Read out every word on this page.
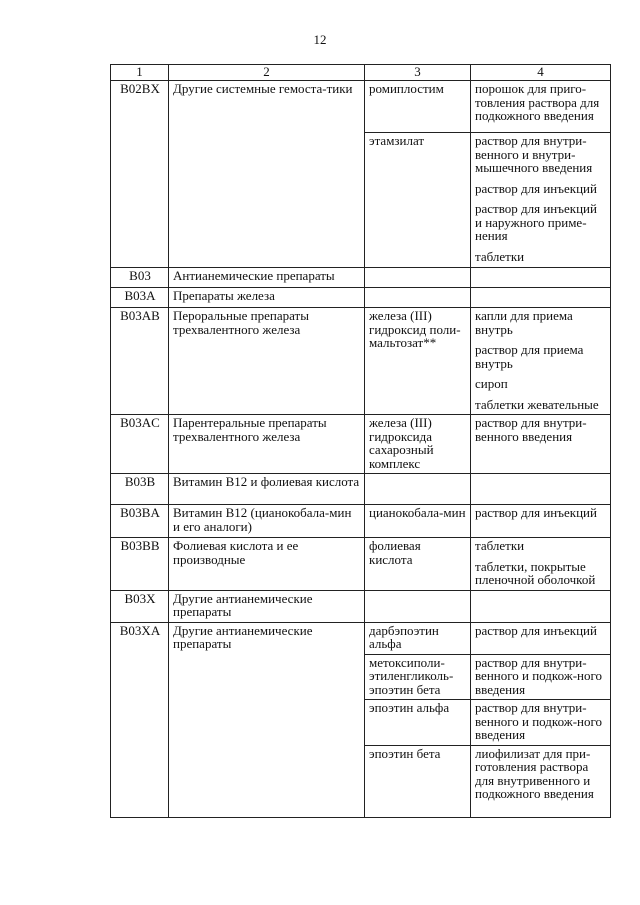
12
1	2	3	4
B02BX	Другие системные гемоста-тики	ромиплостим	порошок для приго-товления раствора для подкожного введения

		этамзилат	раствор для внутри-венного и внутри-мышечного введения
раствор для инъекций
раствор для инъекций и наружного приме-нения
таблетки

B03	Антианемические препараты		
B03A	Препараты железа		
B03AB	Пероральные препараты трехвалентного железа	железа (III) гидроксид поли-мальтозат**	капли для приема внутрь
раствор для приема внутрь
сироп
таблетки жевательные

B03AC	Парентеральные препараты трехвалентного железа	железа (III) гидроксида сахарозный комплекс	раствор для внутри-венного введения

B03B	Витамин B12 и фолиевая кислота		
B03BA	Витамин B12 (цианокобала-мин и его аналоги)	цианокобала-мин	раствор для инъекций

B03BB	Фолиевая кислота и ее производные	фолиевая кислота	таблетки
таблетки, покрытые пленочной оболочкой

B03X	Другие антианемические препараты		
B03XA	Другие антианемические препараты	дарбэпоэтин альфа	раствор для инъекций

		метоксиполи-этиленгликоль-эпоэтин бета	раствор для внутри-венного и подкож-ного введения

		эпоэтин альфа	раствор для внутри-венного и подкож-ного введения

		эпоэтин бета	лиофилизат для при-готовления раствора для внутривенного и подкожного введения
